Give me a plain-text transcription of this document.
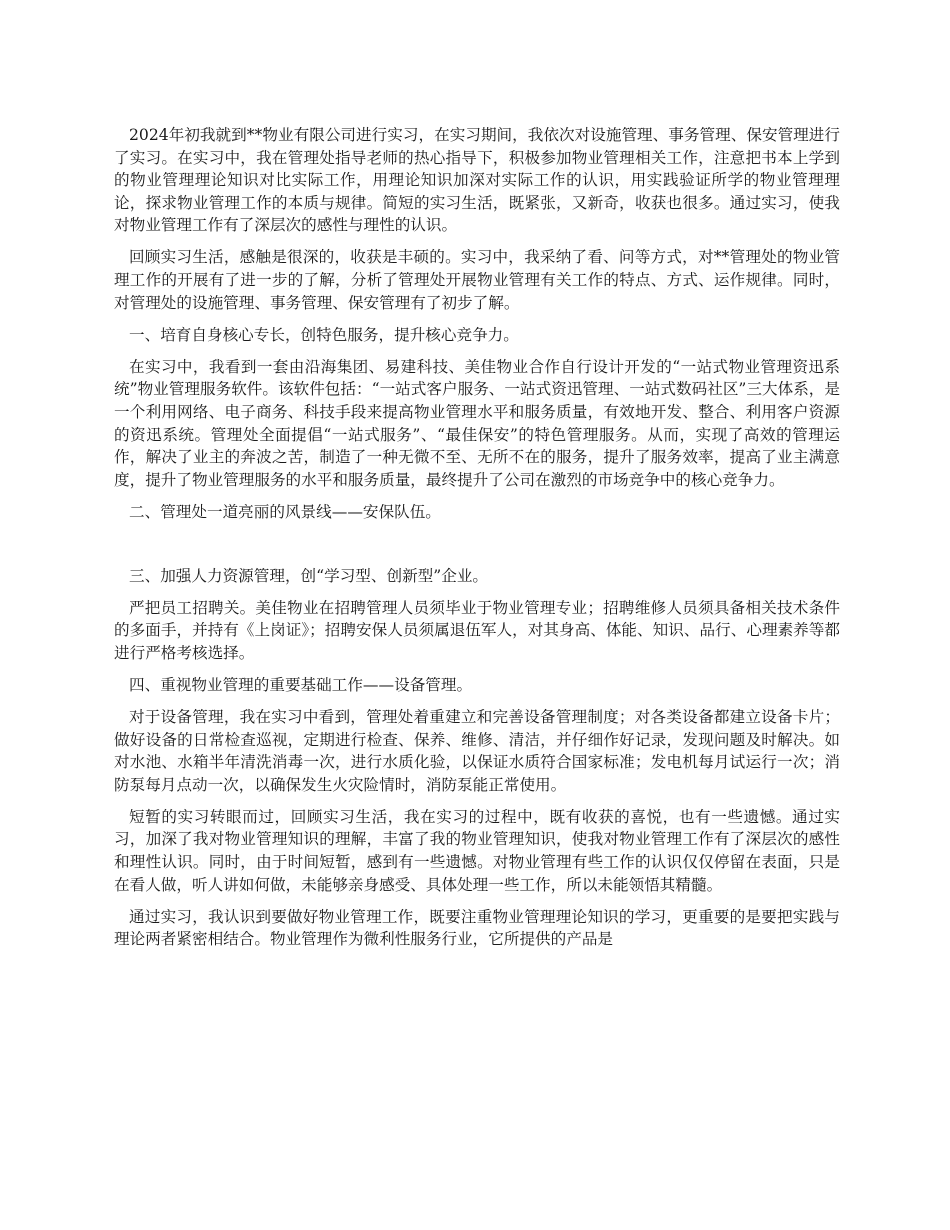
2024年初我就到**物业有限公司进行实习，在实习期间，我依次对设施管理、事务管理、保安管理进行了实习。在实习中，我在管理处指导老师的热心指导下，积极参加物业管理相关工作，注意把书本上学到的物业管理理论知识对比实际工作，用理论知识加深对实际工作的认识，用实践验证所学的物业管理理论，探求物业管理工作的本质与规律。简短的实习生活，既紧张，又新奇，收获也很多。通过实习，使我对物业管理工作有了深层次的感性与理性的认识。

回顾实习生活，感触是很深的，收获是丰硕的。实习中，我采纳了看、问等方式，对**管理处的物业管理工作的开展有了进一步的了解，分析了管理处开展物业管理有关工作的特点、方式、运作规律。同时，对管理处的设施管理、事务管理、保安管理有了初步了解。

一、培育自身核心专长，创特色服务，提升核心竞争力。

在实习中，我看到一套由沿海集团、易建科技、美佳物业合作自行设计开发的“一站式物业管理资迅系统”物业管理服务软件。该软件包括：“一站式客户服务、一站式资迅管理、一站式数码社区”三大体系，是一个利用网络、电子商务、科技手段来提高物业管理水平和服务质量，有效地开发、整合、利用客户资源的资迅系统。管理处全面提倡“一站式服务”、“最佳保安”的特色管理服务。从而，实现了高效的管理运作，解决了业主的奔波之苦，制造了一种无微不至、无所不在的服务，提升了服务效率，提高了业主满意度，提升了物业管理服务的水平和服务质量，最终提升了公司在激烈的市场竞争中的核心竞争力。

二、管理处一道亮丽的风景线——安保队伍。

三、加强人力资源管理，创“学习型、创新型”企业。

严把员工招聘关。美佳物业在招聘管理人员须毕业于物业管理专业；招聘维修人员须具备相关技术条件的多面手，并持有《上岗证》；招聘安保人员须属退伍军人，对其身高、体能、知识、品行、心理素养等都进行严格考核选择。

四、重视物业管理的重要基础工作——设备管理。

对于设备管理，我在实习中看到，管理处着重建立和完善设备管理制度；对各类设备都建立设备卡片；做好设备的日常检查巡视，定期进行检查、保养、维修、清洁，并仔细作好记录，发现问题及时解决。如对水池、水箱半年清洗消毒一次，进行水质化验，以保证水质符合国家标准；发电机每月试运行一次；消防泵每月点动一次，以确保发生火灾险情时，消防泵能正常使用。

短暂的实习转眼而过，回顾实习生活，我在实习的过程中，既有收获的喜悦，也有一些遗憾。通过实习，加深了我对物业管理知识的理解，丰富了我的物业管理知识，使我对物业管理工作有了深层次的感性和理性认识。同时，由于时间短暂，感到有一些遗憾。对物业管理有些工作的认识仅仅停留在表面，只是在看人做，听人讲如何做，未能够亲身感受、具体处理一些工作，所以未能领悟其精髓。

通过实习，我认识到要做好物业管理工作，既要注重物业管理理论知识的学习，更重要的是要把实践与理论两者紧密相结合。物业管理作为微利性服务行业，它所提供的产品是
